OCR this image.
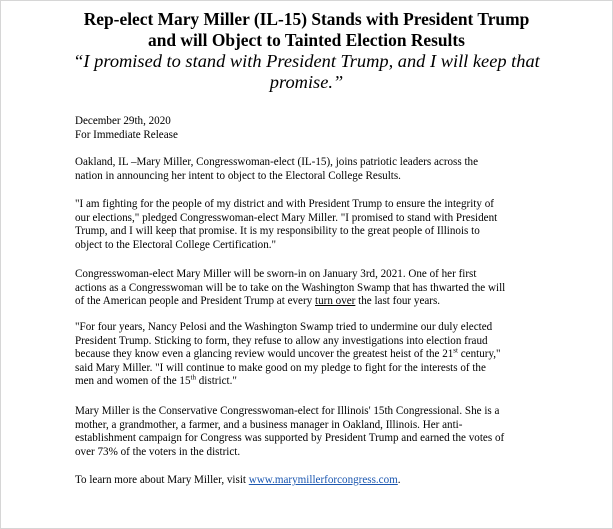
Rep-elect Mary Miller (IL-15) Stands with President Trump
and will Object to Tainted Election Results

“I promised to stand with President Trump, and I will keep that
promise.”

December 29th, 2020
For Immediate Release

Oakland, IL –Mary Miller, Congresswoman-elect (IL-15), joins patriotic leaders across the
nation in announcing her intent to object to the Electoral College Results.

"I am fighting for the people of my district and with President Trump to ensure the integrity of
our elections," pledged Congresswoman-elect Mary Miller. "I promised to stand with President
Trump, and I will keep that promise. It is my responsibility to the great people of Illinois to
object to the Electoral College Certification."

Congresswoman-elect Mary Miller will be sworn-in on January 3rd, 2021. One of her first
actions as a Congresswoman will be to take on the Washington Swamp that has thwarted the will
of the American people and President Trump at every turn over the last four years.

"For four years, Nancy Pelosi and the Washington Swamp tried to undermine our duly elected
President Trump. Sticking to form, they refuse to allow any investigations into election fraud
because they know even a glancing review would uncover the greatest heist of the 21st century,"
said Mary Miller. "I will continue to make good on my pledge to fight for the interests of the
men and women of the 15th district."

Mary Miller is the Conservative Congresswoman-elect for Illinois' 15th Congressional. She is a
mother, a grandmother, a farmer, and a business manager in Oakland, Illinois. Her anti-
establishment campaign for Congress was supported by President Trump and earned the votes of
over 73% of the voters in the district.

To learn more about Mary Miller, visit www.marymillerforcongress.com.
